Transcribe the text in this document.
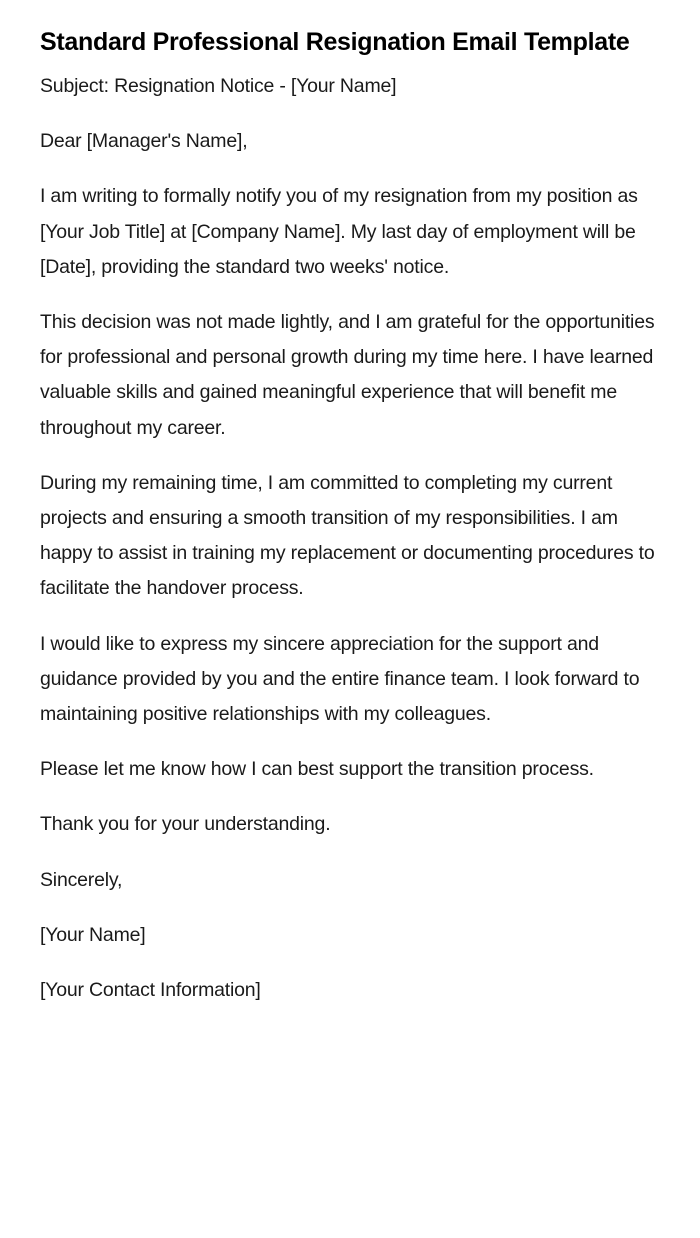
Standard Professional Resignation Email Template

Subject: Resignation Notice - [Your Name]

Dear [Manager's Name],

I am writing to formally notify you of my resignation from my position as [Your Job Title] at [Company Name]. My last day of employment will be [Date], providing the standard two weeks' notice.

This decision was not made lightly, and I am grateful for the opportunities for professional and personal growth during my time here. I have learned valuable skills and gained meaningful experience that will benefit me throughout my career.

During my remaining time, I am committed to completing my current projects and ensuring a smooth transition of my responsibilities. I am happy to assist in training my replacement or documenting procedures to facilitate the handover process.

I would like to express my sincere appreciation for the support and guidance provided by you and the entire finance team. I look forward to maintaining positive relationships with my colleagues.

Please let me know how I can best support the transition process.

Thank you for your understanding.

Sincerely,

[Your Name]

[Your Contact Information]
